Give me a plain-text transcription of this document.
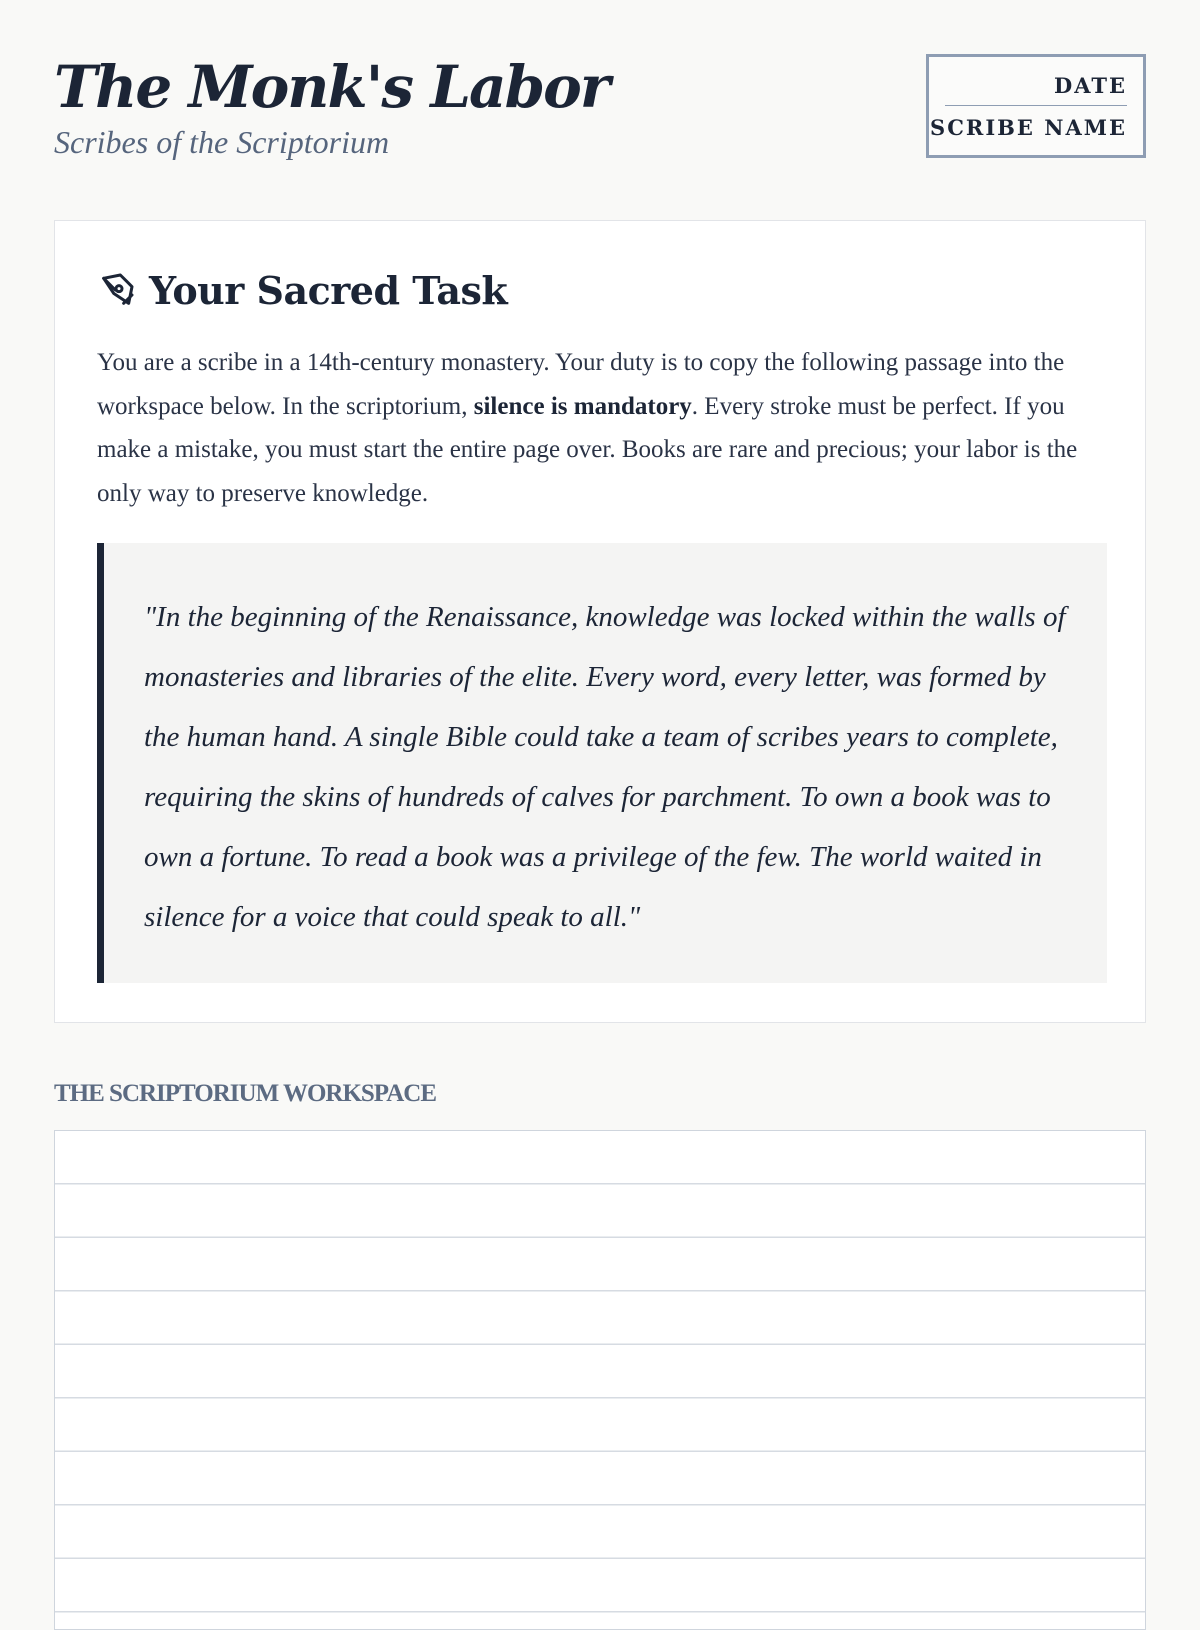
The Monk's Labor
Scribes of the Scriptorium
DATE
SCRIBE NAME
Your Sacred Task

You are a scribe in a 14th-century monastery. Your duty is to copy the following passage into the workspace below. In the scriptorium, silence is mandatory. Every stroke must be perfect. If you make a mistake, you must start the entire page over. Books are rare and precious; your labor is the only way to preserve knowledge.

"In the beginning of the Renaissance, knowledge was locked within the walls of monasteries and libraries of the elite. Every word, every letter, was formed by the human hand. A single Bible could take a team of scribes years to complete, requiring the skins of hundreds of calves for parchment. To own a book was to own a fortune. To read a book was a privilege of the few. The world waited in silence for a voice that could speak to all."

THE SCRIPTORIUM WORKSPACE
